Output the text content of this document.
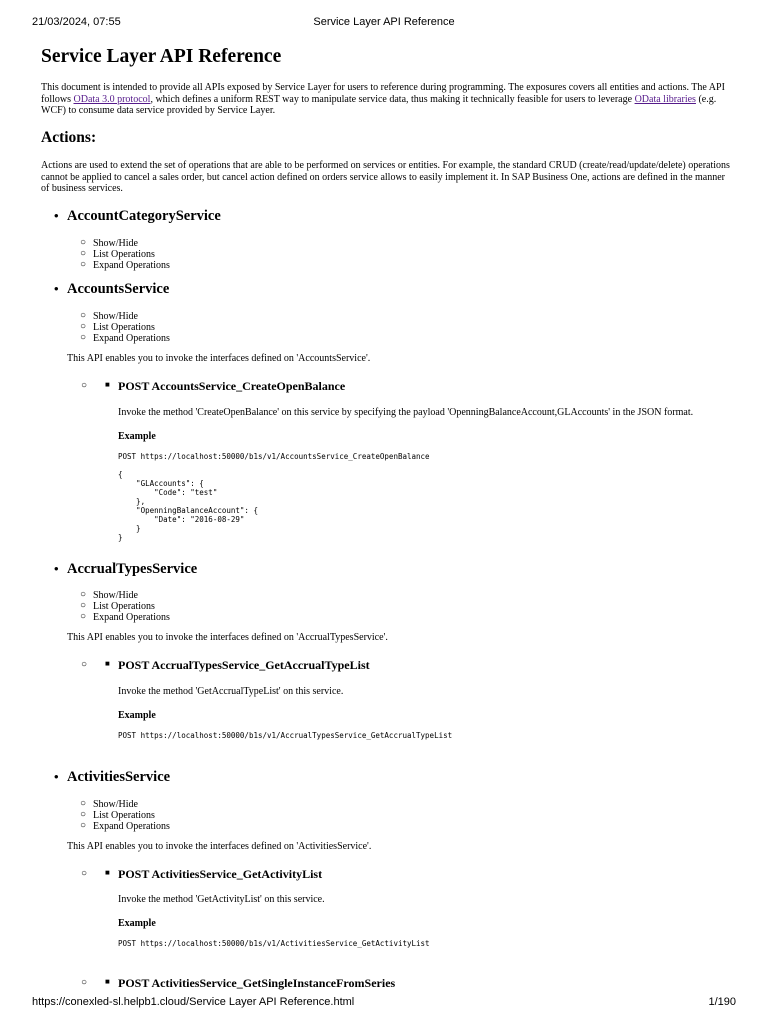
21/03/2024, 07:55	Service Layer API Reference
Service Layer API Reference

This document is intended to provide all APIs exposed by Service Layer for users to reference during programming. The exposures covers all entities and actions. The API follows OData 3.0 protocol, which defines a uniform REST way to manipulate service data, thus making it technically feasible for users to leverage OData libraries (e.g. WCF) to consume data service provided by Service Layer.

Actions:

Actions are used to extend the set of operations that are able to be performed on services or entities. For example, the standard CRUD (create/read/update/delete) operations cannot be applied to cancel a sales order, but cancel action defined on orders service allows to easily implement it. In SAP Business One, actions are defined in the manner of business services.

• AccountCategoryService
○ Show/Hide
○ List Operations
○ Expand Operations
• AccountsService
○ Show/Hide
○ List Operations
○ Expand Operations

This API enables you to invoke the interfaces defined on 'AccountsService'.

○ ■ POST AccountsService_CreateOpenBalance

Invoke the method 'CreateOpenBalance' on this service by specifying the payload 'OpenningBalanceAccount,GLAccounts' in the JSON format.

Example

POST https://localhost:50000/b1s/v1/AccountsService_CreateOpenBalance

{
"GLAccounts": {
"Code": "test"
},
"OpenningBalanceAccount": {
"Date": "2016-08-29"
}
}
• AccrualTypesService
○ Show/Hide
○ List Operations
○ Expand Operations

This API enables you to invoke the interfaces defined on 'AccrualTypesService'.

○ ■ POST AccrualTypesService_GetAccrualTypeList

Invoke the method 'GetAccrualTypeList' on this service.

Example

POST https://localhost:50000/b1s/v1/AccrualTypesService_GetAccrualTypeList
• ActivitiesService
○ Show/Hide
○ List Operations
○ Expand Operations

This API enables you to invoke the interfaces defined on 'ActivitiesService'.

○ ■ POST ActivitiesService_GetActivityList

Invoke the method 'GetActivityList' on this service.

Example

POST https://localhost:50000/b1s/v1/ActivitiesService_GetActivityList
○ ■ POST ActivitiesService_GetSingleInstanceFromSeries
https://conexled-sl.helpb1.cloud/Service Layer API Reference.html	1/190
